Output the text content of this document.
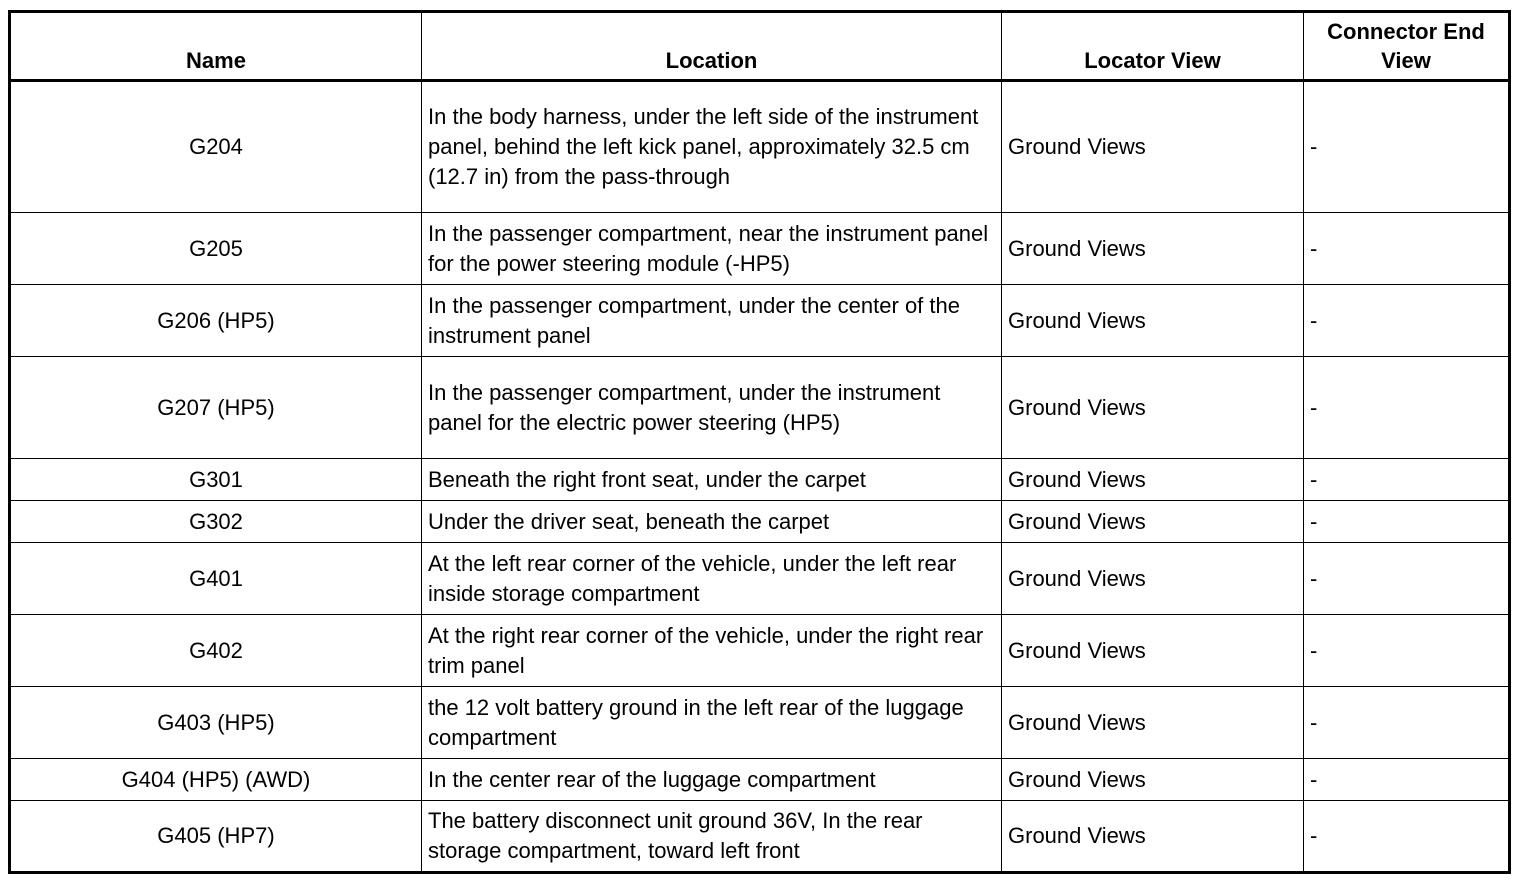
Name	Location	Locator View	Connector End View
G204	In the body harness, under the left side of the instrument panel, behind the left kick panel, approximately 32.5 cm (12.7 in) from the pass-through	Ground Views	-
G205	In the passenger compartment, near the instrument panel for the power steering module (-HP5)	Ground Views	-
G206 (HP5)	In the passenger compartment, under the center of the instrument panel	Ground Views	-
G207 (HP5)	In the passenger compartment, under the instrument panel for the electric power steering (HP5)	Ground Views	-
G301	Beneath the right front seat, under the carpet	Ground Views	-
G302	Under the driver seat, beneath the carpet	Ground Views	-
G401	At the left rear corner of the vehicle, under the left rear inside storage compartment	Ground Views	-
G402	At the right rear corner of the vehicle, under the right rear trim panel	Ground Views	-
G403 (HP5)	the 12 volt battery ground in the left rear of the luggage compartment	Ground Views	-
G404 (HP5) (AWD)	In the center rear of the luggage compartment	Ground Views	-
G405 (HP7)	The battery disconnect unit ground 36V, In the rear storage compartment, toward left front	Ground Views	-
